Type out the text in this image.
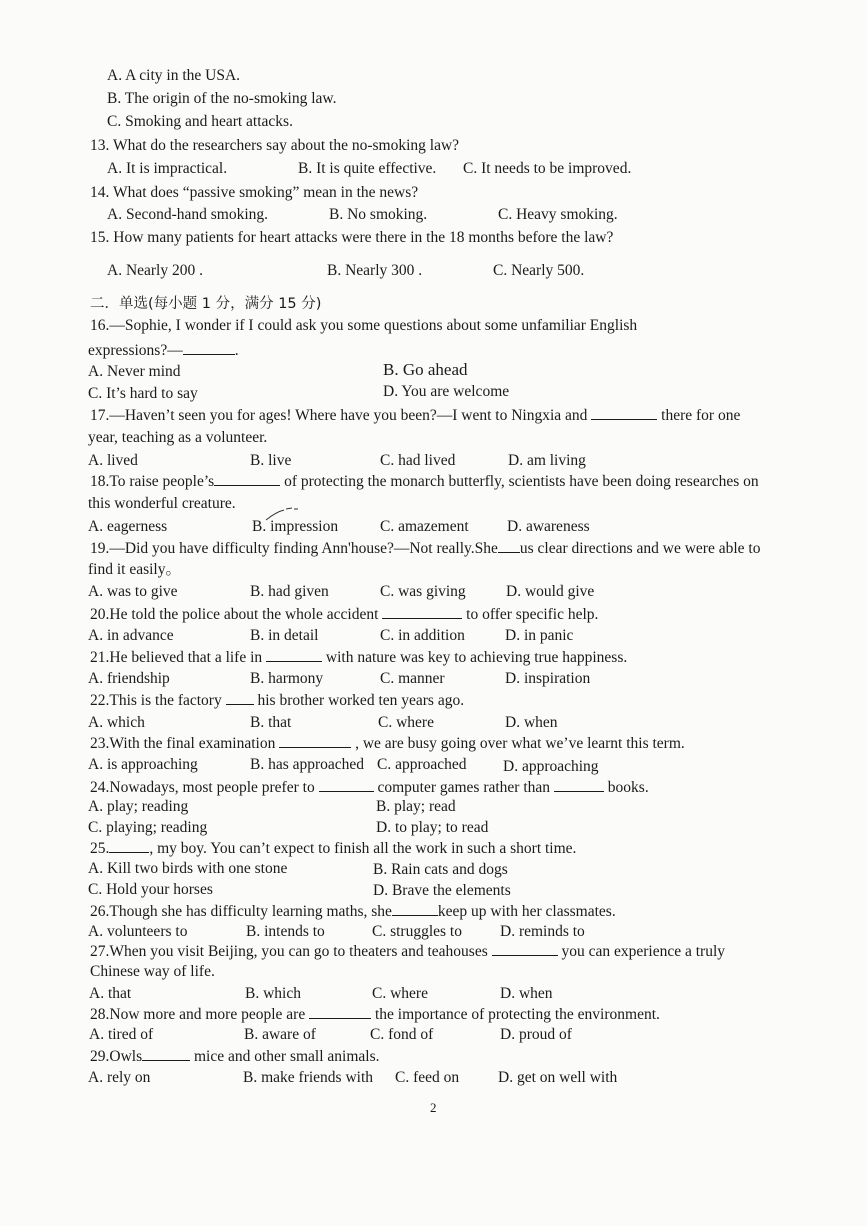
A. A city in the USA.
B. The origin of the no-smoking law.
C. Smoking and heart attacks.
13. What do the researchers say about the no-smoking law?
A. It is impractical.	B. It is quite effective. C. It needs to be improved.
14. What does “passive smoking” mean in the news?
A. Second-hand smoking.	B. No smoking.	C. Heavy smoking.
15. How many patients for heart attacks were there in the 18 months before the law?
A. Nearly 200 .	B. Nearly 300 .	C. Nearly 500.
二．单选(每小题 1 分，满分 15 分)
16.—Sophie, I wonder if I could ask you some questions about some unfamiliar English
expressions?—	.
A. Never mind	B. Go ahead
C. It’s hard to say	D. You are welcome
17.—Haven’t seen you for ages! Where have you been?—I went to Ningxia and	there for one
year, teaching as a volunteer.
A. lived	B. live	C. had lived	D. am living
18.To raise people’s	of protecting the monarch butterfly, scientists have been doing researches on
this wonderful creature.
A. eagerness	B. impression	C. amazement D. awareness
19.—Did you have difficulty finding Ann'house?—Not really.She us clear directions and we were able to
find it easily。
A. was to give	B. had given	C. was giving	D. would give
20.He told the police about the whole accident	to offer specific help.
A. in advance	B. in detail	C. in addition	D. in panic
21.He believed that a life in	with nature was key to achieving true happiness.
A. friendship	B. harmony	C. manner	D. inspiration
22.This is the factory his brother worked ten years ago.
A. which	B. that	C. where	D. when
23.With the final examination	, we are busy going over what we’ve learnt this term.
A. is approaching	B. has approached C. approached D. approaching
24.Nowadays, most people prefer to	computer games rather than	books.
A. play; reading	B. play; read
C. playing; reading	D. to play; to read
25.	, my boy. You can’t expect to finish all the work in such a short time.
A. Kill two birds with one stone	B. Rain cats and dogs
C. Hold your horses	D. Brave the elements
26.Though she has difficulty learning maths, she	keep up with her classmates.
A. volunteers to	B. intends to	C. struggles to D. reminds to
27.When you visit Beijing, you can go to theaters and teahouses	you can experience a truly
Chinese way of life.
A. that	B. which	C. where	D. when
28.Now more and more people are	the importance of protecting the environment.
A. tired of	B. aware of	C. fond of	D. proud of
29.Owls	mice and other small animals.
A. rely on	B. make friends with C. feed on	D. get on well with
2
